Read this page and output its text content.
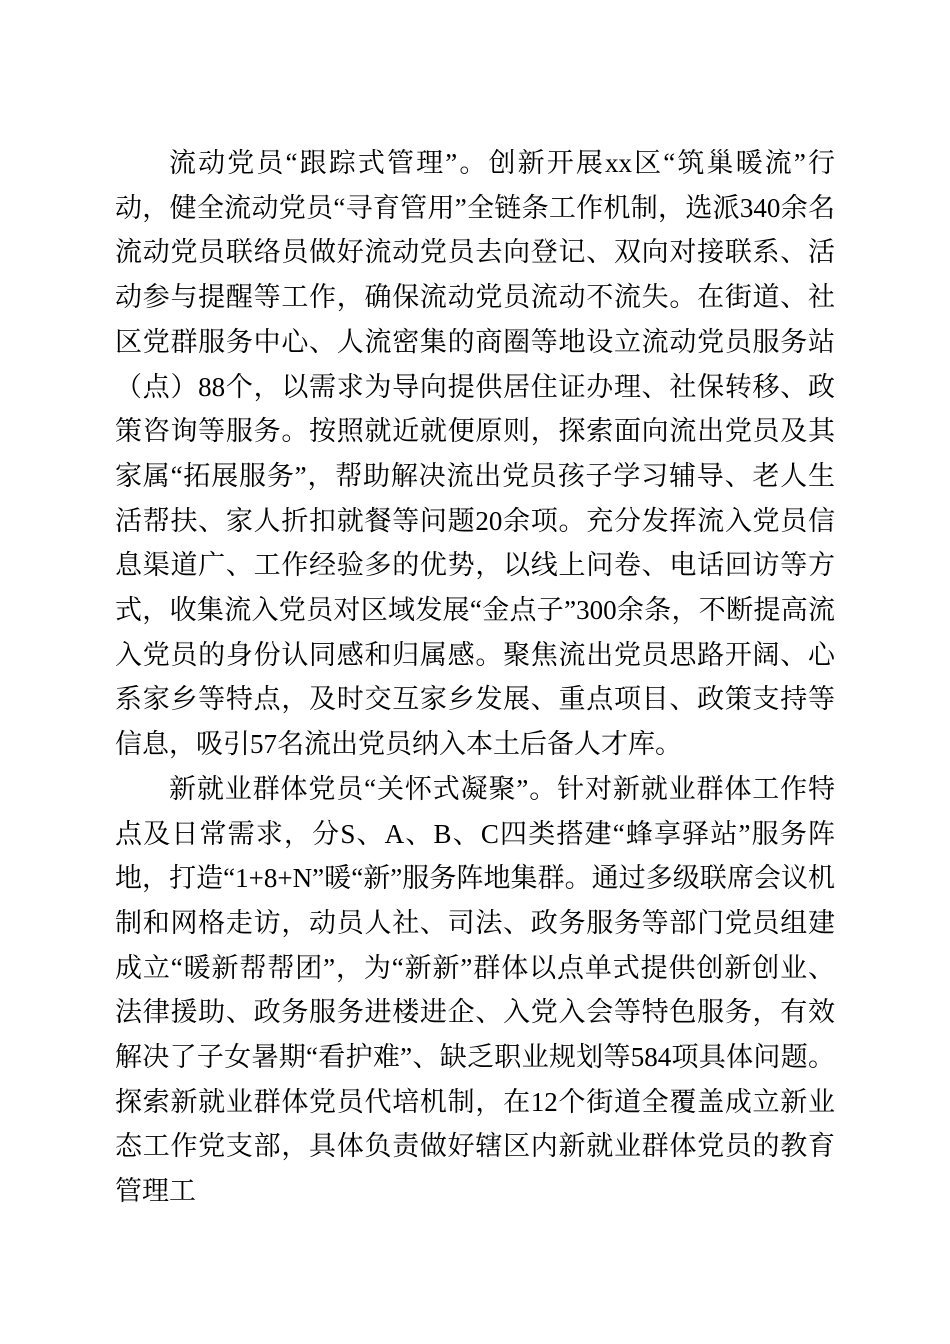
流动党员“跟踪式管理”。创新开展xx区“筑巢暖流”行动，健全流动党员“寻育管用”全链条工作机制，选派340余名流动党员联络员做好流动党员去向登记、双向对接联系、活动参与提醒等工作，确保流动党员流动不流失。在街道、社区党群服务中心、人流密集的商圈等地设立流动党员服务站（点）88个，以需求为导向提供居住证办理、社保转移、政策咨询等服务。按照就近就便原则，探索面向流出党员及其家属“拓展服务”，帮助解决流出党员孩子学习辅导、老人生活帮扶、家人折扣就餐等问题20余项。充分发挥流入党员信息渠道广、工作经验多的优势，以线上问卷、电话回访等方式，收集流入党员对区域发展“金点子”300余条，不断提高流入党员的身份认同感和归属感。聚焦流出党员思路开阔、心系家乡等特点，及时交互家乡发展、重点项目、政策支持等信息，吸引57名流出党员纳入本土后备人才库。

新就业群体党员“关怀式凝聚”。针对新就业群体工作特点及日常需求，分S、A、B、C四类搭建“蜂享驿站”服务阵地，打造“1+8+N”暖“新”服务阵地集群。通过多级联席会议机制和网格走访，动员人社、司法、政务服务等部门党员组建成立“暖新帮帮团”，为“新新”群体以点单式提供创新创业、法律援助、政务服务进楼进企、入党入会等特色服务，有效解决了子女暑期“看护难”、缺乏职业规划等584项具体问题。探索新就业群体党员代培机制，在12个街道全覆盖成立新业态工作党支部，具体负责做好辖区内新就业群体党员的教育管理工
